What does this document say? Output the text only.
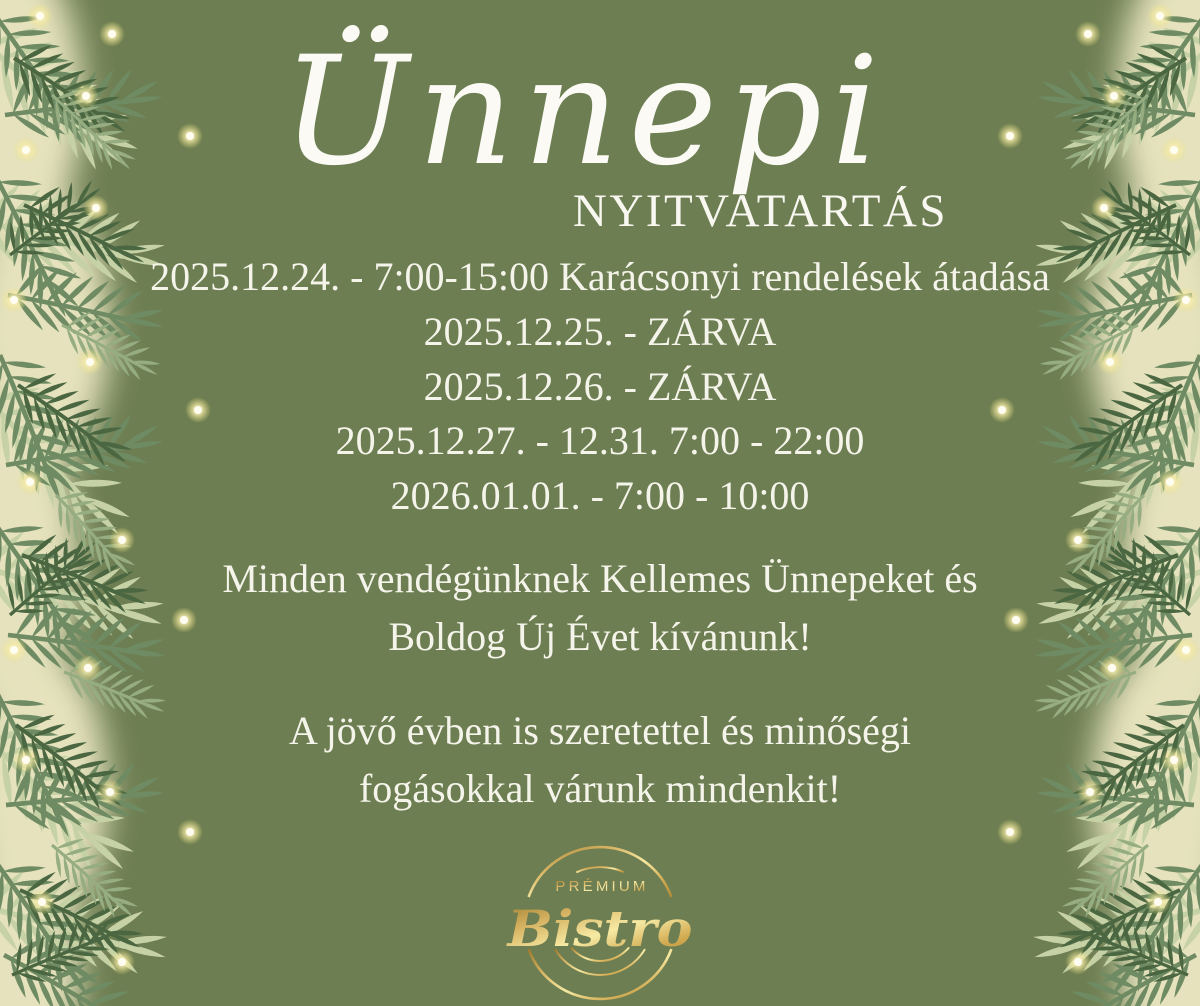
Ünnepi
NYITVATARTÁS
2025.12.24. - 7:00-15:00 Karácsonyi rendelések átadása
2025.12.25. - ZÁRVA
2025.12.26. - ZÁRVA
2025.12.27. - 12.31. 7:00 - 22:00
2026.01.01. - 7:00 - 10:00
Minden vendégünknek Kellemes Ünnepeket és
Boldog Új Évet kívánunk!
A jövő évben is szeretettel és minőségi
fogásokkal várunk mindenkit!
PRÉMIUM
Bistro
